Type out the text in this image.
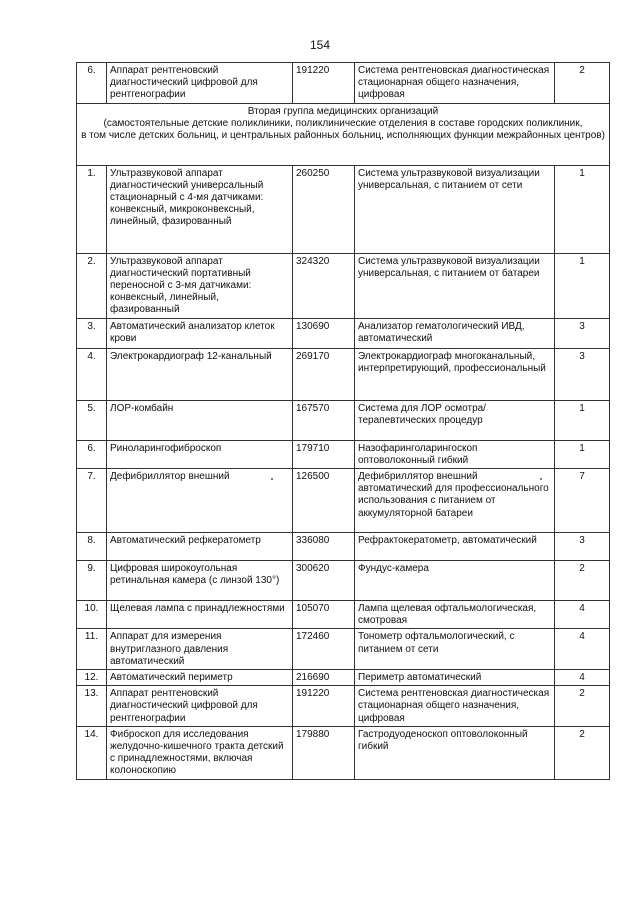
154
6.	Аппарат рентгеновский диагностический цифровой для рентгенографии	191220	Система рентгеновская диагностическая стационарная общего назначения, цифровая	2

Вторая группа медицинских организаций
(самостоятельные детские поликлиники, поликлинические отделения в составе городских поликлиник,
в том числе детских больниц, и центральных районных больниц, исполняющих функции межрайонных центров)				

1.	Ультразвуковой аппарат диагностический универсальный стационарный с 4-мя датчиками: конвексный, микроконвексный, линейный, фазированный	260250	Система ультразвуковой визуализации универсальная, с питанием от сети	1
2.	Ультразвуковой аппарат диагностический портативный переносной с 3-мя датчиками: конвексный, линейный, фазированный	324320	Система ультразвуковой визуализации универсальная, с питанием от батареи	1
3.	Автоматический анализатор клеток крови	130690	Анализатор гематологический ИВД, автоматический	3
4.	Электрокардиограф 12-канальный	269170	Электрокардиограф многоканальный, интерпретирующий, профессиональный	3
5.	ЛОР-комбайн	167570	Система для ЛОР осмотра/терапевтических процедур	1
6.	Риноларингофиброскоп	179710	Назофаринголарингоскоп оптоволоконный гибкий	1
7.	Дефибриллятор внешний	126500	Дефибриллятор внешний автоматический для профессионального использования с питанием от аккумуляторной батареи	7
8.	Автоматический рефкератометр	336080	Рефрактокератометр, автоматический	3
9.	Цифровая широкоугольная ретинальная камера (с линзой 130°)	300620	Фундус-камера	2
10.	Щелевая лампа с принадлежностями	105070	Лампа щелевая офтальмологическая, смотровая	4
11.	Аппарат для измерения внутриглазного давления автоматический	172460	Тонометр офтальмологический, с питанием от сети	4
12.	Автоматический периметр	216690	Периметр автоматический	4
13.	Аппарат рентгеновский диагностический цифровой для рентгенографии	191220	Система рентгеновская диагностическая стационарная общего назначения, цифровая	2
14.	Фиброскоп для исследования желудочно-кишечного тракта детский с принадлежностями, включая колоноскопию	179880	Гастродуоденоскоп оптоволоконный гибкий	2
